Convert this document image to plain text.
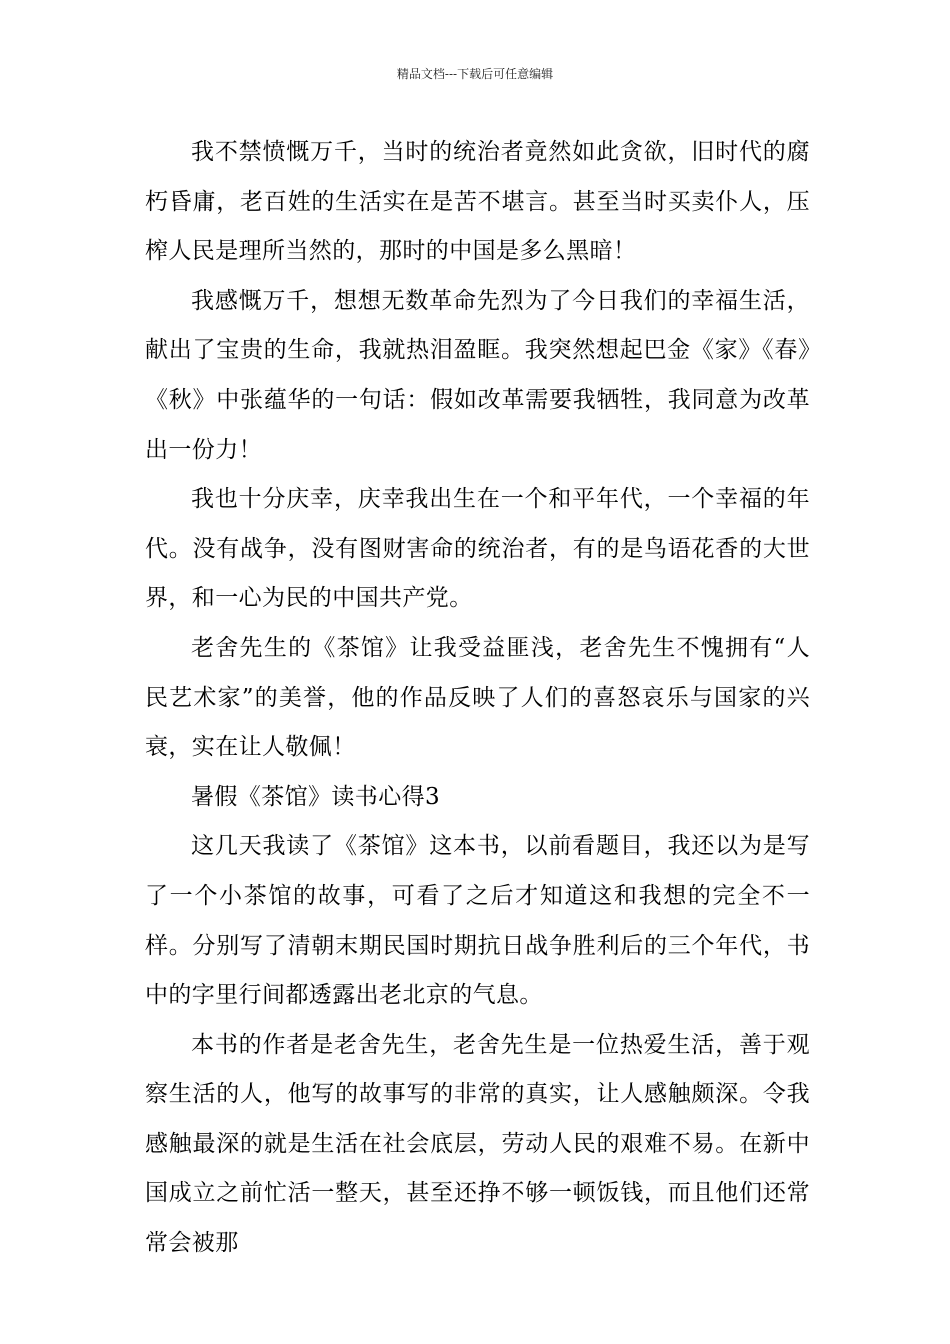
精品文档---下载后可任意编辑

我不禁愤慨万千，当时的统治者竟然如此贪欲，旧时代的腐朽昏庸，老百姓的生活实在是苦不堪言。甚至当时买卖仆人，压榨人民是理所当然的，那时的中国是多么黑暗！

我感慨万千，想想无数革命先烈为了今日我们的幸福生活，献出了宝贵的生命，我就热泪盈眶。我突然想起巴金《家》《春》《秋》中张蕴华的一句话：假如改革需要我牺牲，我同意为改革出一份力！

我也十分庆幸，庆幸我出生在一个和平年代，一个幸福的年代。没有战争，没有图财害命的统治者，有的是鸟语花香的大世界，和一心为民的中国共产党。

老舍先生的《茶馆》让我受益匪浅，老舍先生不愧拥有“人民艺术家”的美誉，他的作品反映了人们的喜怒哀乐与国家的兴衰，实在让人敬佩！

暑假《茶馆》读书心得3

这几天我读了《茶馆》这本书，以前看题目，我还以为是写了一个小茶馆的故事，可看了之后才知道这和我想的完全不一样。分别写了清朝末期民国时期抗日战争胜利后的三个年代，书中的字里行间都透露出老北京的气息。

本书的作者是老舍先生，老舍先生是一位热爱生活，善于观察生活的人，他写的故事写的非常的真实，让人感触颇深。令我感触最深的就是生活在社会底层，劳动人民的艰难不易。在新中国成立之前忙活一整天，甚至还挣不够一顿饭钱，而且他们还常常会被那
